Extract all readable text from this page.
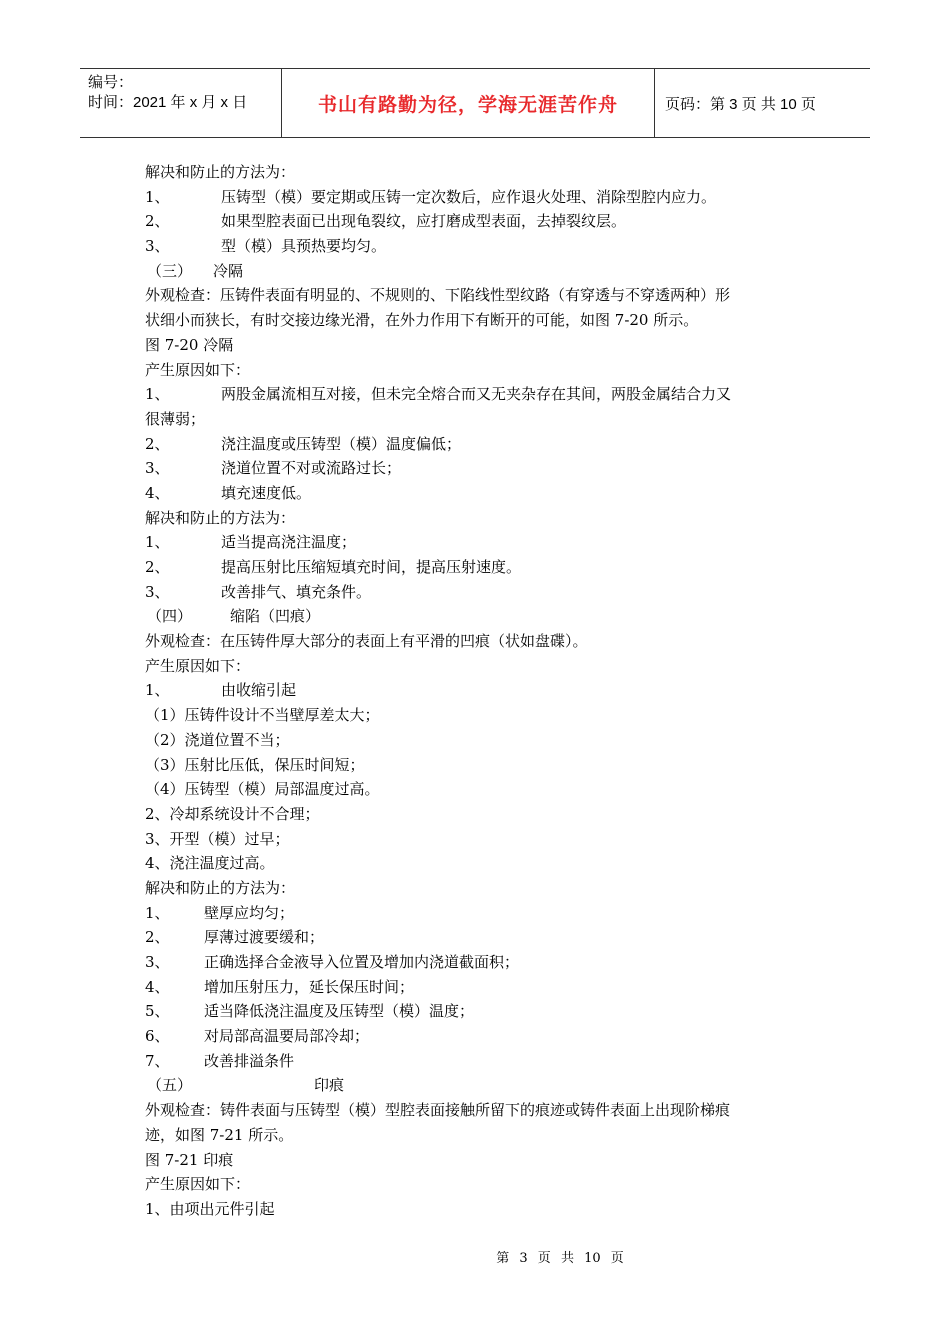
编号：
时间：2021 年 x 月 x 日	书山有路勤为径，学海无涯苦作舟	页码：第 3 页 共 10 页
解决和防止的方法为：
1、	压铸型（模）要定期或压铸一定次数后，应作退火处理、消除型腔内应力。
2、	如果型腔表面已出现龟裂纹，应打磨成型表面，去掉裂纹层。
3、	型（模）具预热要均匀。
（三） 冷隔
外观检查：压铸件表面有明显的、不规则的、下陷线性型纹路（有穿透与不穿透两种）形
状细小而狭长，有时交接边缘光滑，在外力作用下有断开的可能，如图 7-20 所示。
图 7-20 冷隔
产生原因如下：
1、	两股金属流相互对接，但未完全熔合而又无夹杂存在其间，两股金属结合力又
很薄弱；
2、	浇注温度或压铸型（模）温度偏低；
3、	浇道位置不对或流路过长；
4、	填充速度低。
解决和防止的方法为：
1、	适当提高浇注温度；
2、	提高压射比压缩短填充时间，提高压射速度。
3、	改善排气、填充条件。
（四）	缩陷（凹痕）
外观检查：在压铸件厚大部分的表面上有平滑的凹痕（状如盘碟）。
产生原因如下：
1、	由收缩引起
（1）压铸件设计不当壁厚差太大；
（2）浇道位置不当；
（3）压射比压低，保压时间短；
（4）压铸型（模）局部温度过高。
2、冷却系统设计不合理；
3、开型（模）过早；
4、浇注温度过高。
解决和防止的方法为：
1、 壁厚应均匀；
2、 厚薄过渡要缓和；
3、 正确选择合金液导入位置及增加内浇道截面积；
4、 增加压射压力，延长保压时间；
5、 适当降低浇注温度及压铸型（模）温度；
6、 对局部高温要局部冷却；
7、 改善排溢条件
（五）	印痕
外观检查：铸件表面与压铸型（模）型腔表面接触所留下的痕迹或铸件表面上出现阶梯痕
迹，如图 7-21 所示。
图 7-21 印痕
产生原因如下：
1、由项出元件引起
第 3 页 共 10 页
